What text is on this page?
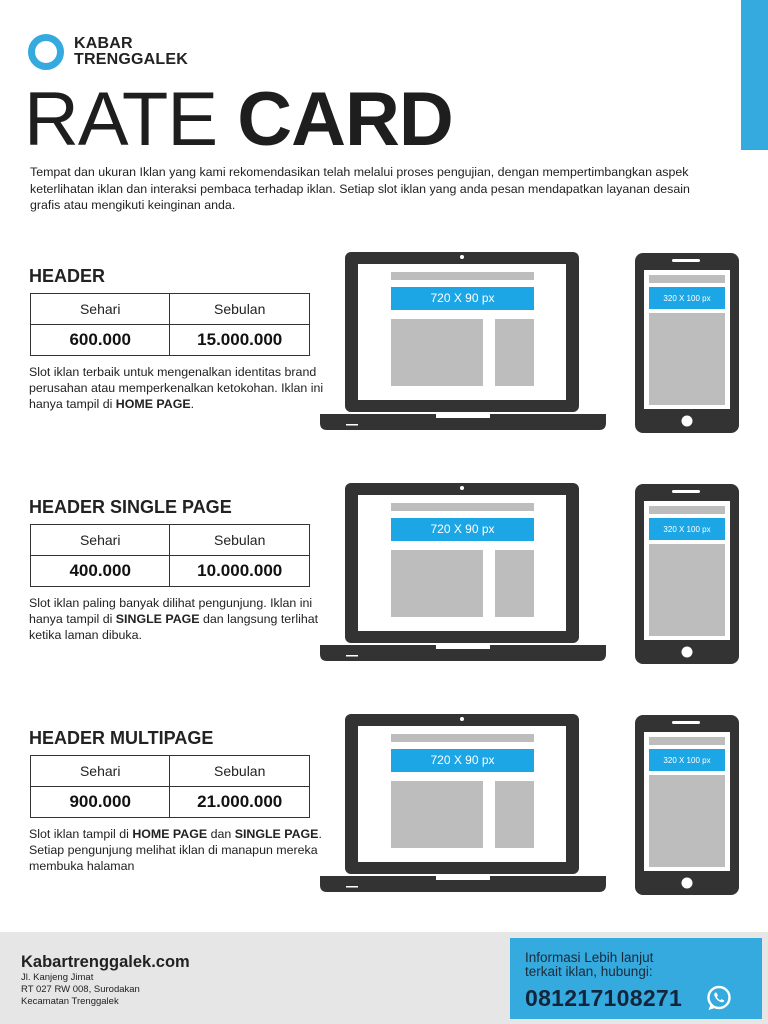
KABAR
TRENGGALEK
RATE CARD

Tempat dan ukuran Iklan yang kami rekomendasikan telah melalui proses pengujian, dengan mempertimbangkan aspek keterlihatan iklan dan interaksi pembaca terhadap iklan. Setiap slot iklan yang anda pesan mendapatkan layanan desain grafis atau mengikuti keinginan anda.

HEADER
Sehari	Sebulan
600.000	15.000.000

Slot iklan terbaik untuk mengenalkan identitas brand perusahan atau memperkenalkan ketokohan. Iklan ini hanya tampil di HOME PAGE.

720 X 90 px	320 X 100 px
HEADER SINGLE PAGE
Sehari	Sebulan
400.000	10.000.000

Slot iklan paling banyak dilihat pengunjung. Iklan ini hanya tampil di SINGLE PAGE dan langsung terlihat ketika laman dibuka.

720 X 90 px	320 X 100 px
HEADER MULTIPAGE
Sehari	Sebulan
900.000	21.000.000

Slot iklan tampil di HOME PAGE dan SINGLE PAGE. Setiap pengunjung melihat iklan di manapun mereka membuka halaman

720 X 90 px	320 X 100 px
Kabartrenggalek.com
Jl. Kanjeng Jimat
RT 027 RW 008, Surodakan
Kecamatan Trenggalek
Informasi Lebih lanjut
terkait iklan, hubungi:
081217108271
